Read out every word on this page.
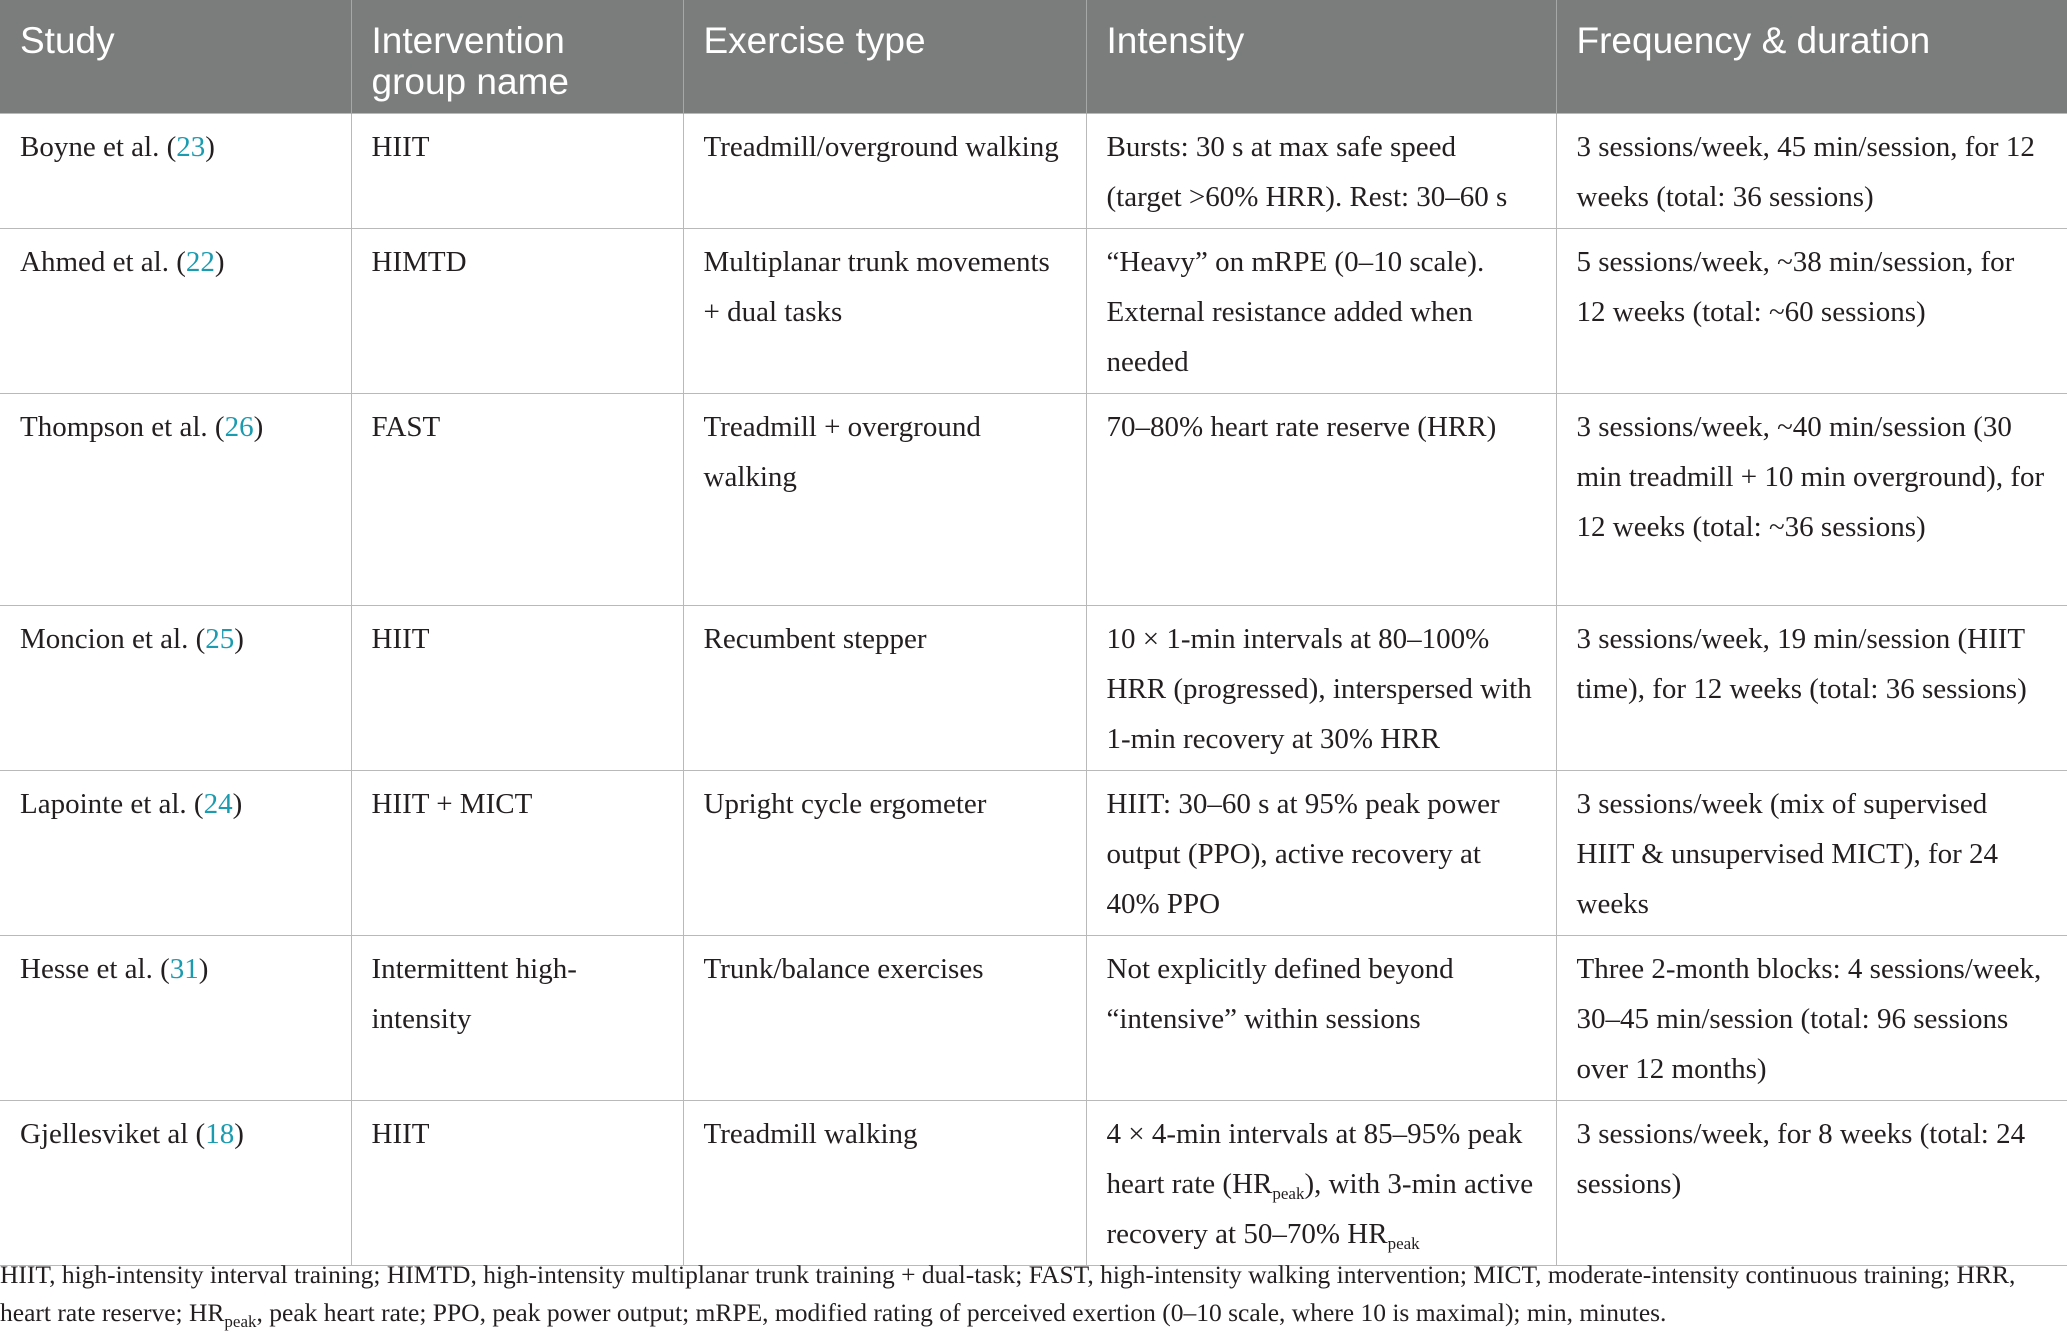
Study	Intervention group name	Exercise type	Intensity	Frequency & duration
Boyne et al. (23)	HIIT	Treadmill/overground walking	Bursts: 30 s at max safe speed (target >60% HRR). Rest: 30–60 s	3 sessions/week, 45 min/session, for 12 weeks (total: 36 sessions)
Ahmed et al. (22)	HIMTD	Multiplanar trunk movements + dual tasks	“Heavy” on mRPE (0–10 scale). External resistance added when needed	5 sessions/week, ~38 min/session, for 12 weeks (total: ~60 sessions)
Thompson et al. (26)	FAST	Treadmill + overground walking	70–80% heart rate reserve (HRR)	3 sessions/week, ~40 min/session (30 min treadmill + 10 min overground), for 12 weeks (total: ~36 sessions)
Moncion et al. (25)	HIIT	Recumbent stepper	10 × 1-min intervals at 80–100% HRR (progressed), interspersed with 1-min recovery at 30% HRR	3 sessions/week, 19 min/session (HIIT time), for 12 weeks (total: 36 sessions)
Lapointe et al. (24)	HIIT + MICT	Upright cycle ergometer	HIIT: 30–60 s at 95% peak power output (PPO), active recovery at 40% PPO	3 sessions/week (mix of supervised HIIT & unsupervised MICT), for 24 weeks
Hesse et al. (31)	Intermittent high-intensity	Trunk/balance exercises	Not explicitly defined beyond “intensive” within sessions	Three 2-month blocks: 4 sessions/week, 30–45 min/session (total: 96 sessions over 12 months)
Gjellesviket al (18)	HIIT	Treadmill walking	4 × 4-min intervals at 85–95% peak heart rate $(HR_{peak})$, with 3-min active recovery at 50–70% $HR_{peak}$	3 sessions/week, for 8 weeks (total: 24 sessions)
HIIT, high-intensity interval training; HIMTD, high-intensity multiplanar trunk training + dual-task; FAST, high-intensity walking intervention; MICT, moderate-intensity continuous training; HRR, heart rate reserve; $HR_{peak}$, peak heart rate; PPO, peak power output; mRPE, modified rating of perceived exertion (0–10 scale, where 10 is maximal); min, minutes.
